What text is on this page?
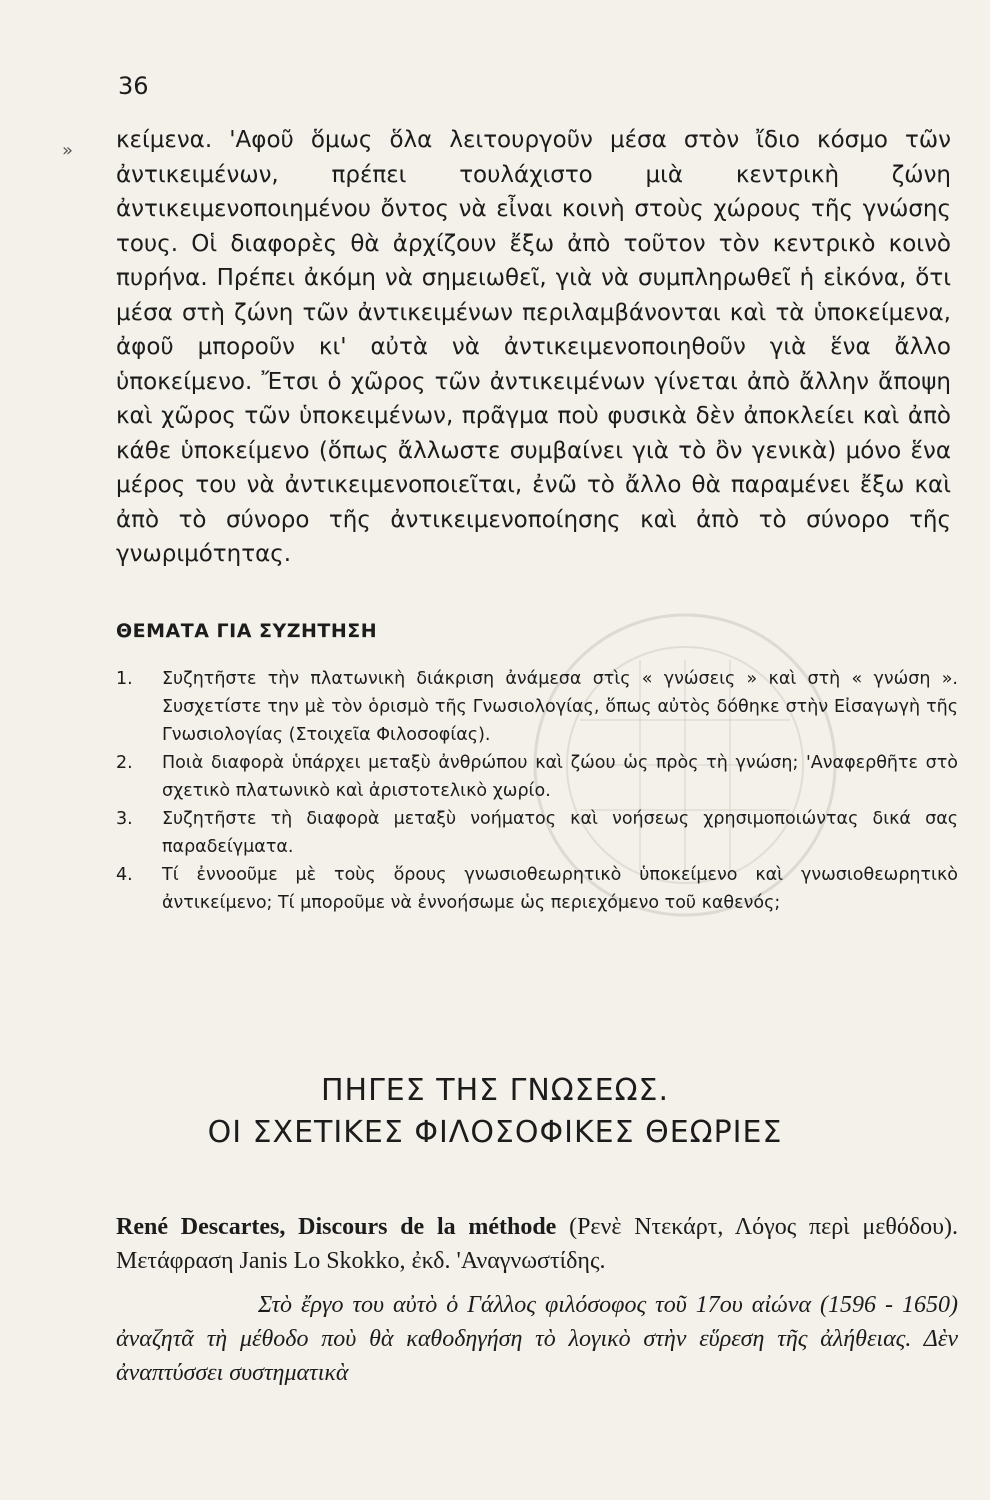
36
» κείμενα. 'Αφοῦ ὅμως ὅλα λειτουργοῦν μέσα στὸν ἴδιο κόσμο τῶν ἀντικειμένων, πρέπει τουλάχιστο μιὰ κεντρικὴ ζώνη ἀντικειμενοποιημένου ὄντος νὰ εἶναι κοινὴ στοὺς χώρους τῆς γνώσης τους. Οἱ διαφορὲς θὰ ἀρχίζουν ἔξω ἀπὸ τοῦτον τὸν κεντρικὸ κοινὸ πυρήνα. Πρέπει ἀκόμη νὰ σημειωθεῖ, γιὰ νὰ συμπληρωθεῖ ἡ εἰκόνα, ὅτι μέσα στὴ ζώνη τῶν ἀντικειμένων περιλαμβάνονται καὶ τὰ ὑποκείμενα, ἀφοῦ μποροῦν κι' αὐτὰ νὰ ἀντικειμενοποιηθοῦν γιὰ ἕνα ἄλλο ὑποκείμενο. Ἔτσι ὁ χῶρος τῶν ἀντικειμένων γίνεται ἀπὸ ἄλλην ἄποψη καὶ χῶρος τῶν ὑποκειμένων, πρᾶγμα ποὺ φυσικὰ δὲν ἀποκλείει καὶ ἀπὸ κάθε ὑποκείμενο (ὅπως ἄλλωστε συμβαίνει γιὰ τὸ ὂν γενικὰ) μόνο ἕνα μέρος του νὰ ἀντικειμενοποιεῖται, ἐνῶ τὸ ἄλλο θὰ παραμένει ἔξω καὶ ἀπὸ τὸ σύνορο τῆς ἀντικειμενοποίησης καὶ ἀπὸ τὸ σύνορο τῆς γνωριμότητας.

ΘΕΜΑΤΑ ΓΙΑ ΣΥΖΗΤΗΣΗ
1. Συζητῆστε τὴν πλατωνικὴ διάκριση ἀνάμεσα στὶς « γνώσεις » καὶ στὴ « γνώση ». Συσχετίστε την μὲ τὸν ὁρισμὸ τῆς Γνωσιολογίας, ὅπως αὐτὸς δόθηκε στὴν Εἰσαγωγὴ τῆς Γνωσιολογίας (Στοιχεῖα Φιλοσοφίας).
2. Ποιὰ διαφορὰ ὑπάρχει μεταξὺ ἀνθρώπου καὶ ζώου ὡς πρὸς τὴ γνώση; 'Αναφερθῆτε στὸ σχετικὸ πλατωνικὸ καὶ ἀριστοτελικὸ χωρίο.
3. Συζητῆστε τὴ διαφορὰ μεταξὺ νοήματος καὶ νοήσεως χρησιμοποιώντας δικά σας παραδείγματα.
4. Τί ἐννοοῦμε μὲ τοὺς ὅρους γνωσιοθεωρητικὸ ὑποκείμενο καὶ γνωσιοθεωρητικὸ ἀντικείμενο; Τί μποροῦμε νὰ ἐννοήσωμε ὡς περιεχόμενο τοῦ καθενός;
ΠΗΓΕΣ ΤΗΣ ΓΝΩΣΕΩΣ.
ΟΙ ΣΧΕΤΙΚΕΣ ΦΙΛΟΣΟΦΙΚΕΣ ΘΕΩΡΙΕΣ

René Descartes, Discours de la méthode (Ρενὲ Ντεκάρτ, Λόγος περὶ μεθόδου). Μετάφραση Janis Lo Skokko, ἐκδ. 'Αναγνωστίδης.

Στὸ ἔργο του αὐτὸ ὁ Γάλλος φιλόσοφος τοῦ 17ου αἰώνα (1596 - 1650) ἀναζητᾶ τὴ μέθοδο ποὺ θὰ καθοδηγήση τὸ λογικὸ στὴν εὕρεση τῆς ἀλήθειας. Δὲν ἀναπτύσσει συστηματικὰ
